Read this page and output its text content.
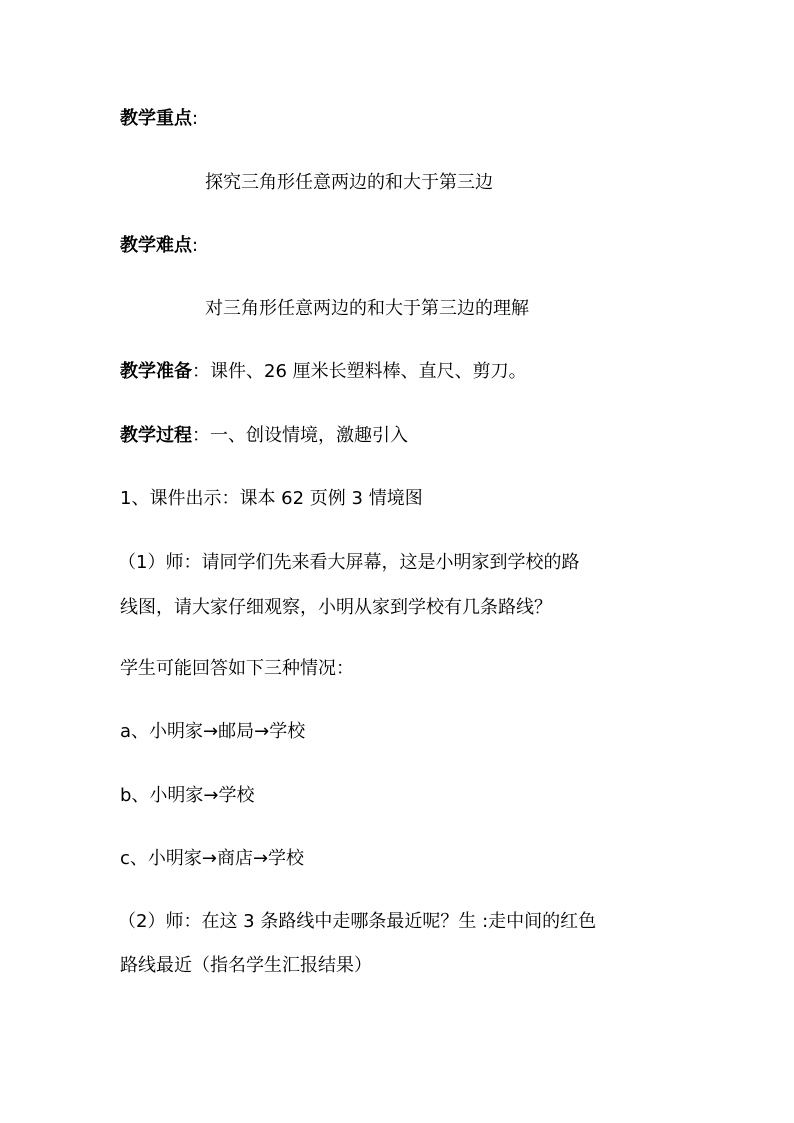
教学重点:
探究三角形任意两边的和大于第三边
教学难点:
对三角形任意两边的和大于第三边的理解
教学准备：课件、26 厘米长塑料棒、直尺、剪刀。
教学过程：一、创设情境，激趣引入
1、课件出示：课本 62 页例 3 情境图
（1）师：请同学们先来看大屏幕，这是小明家到学校的路
线图，请大家仔细观察，小明从家到学校有几条路线？
学生可能回答如下三种情况：
a、小明家→邮局→学校
b、小明家→学校
c、小明家→商店→学校
（2）师：在这 3 条路线中走哪条最近呢？生 :走中间的红色
路线最近（指名学生汇报结果）
